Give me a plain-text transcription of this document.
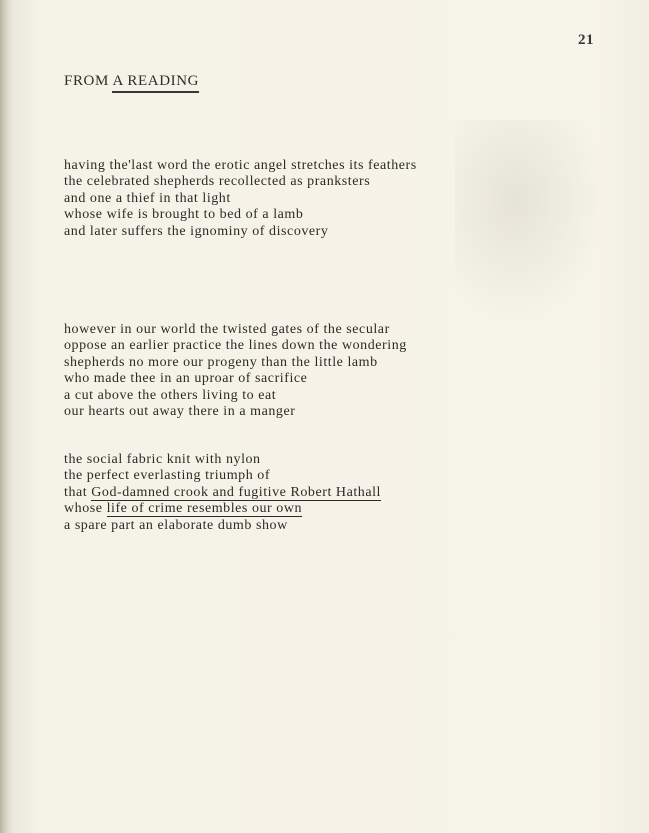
21
FROM A READING
having the'last word the erotic angel stretches its feathers
the celebrated shepherds recollected as pranksters
and one a thief in that light
whose wife is brought to bed of a lamb
and later suffers the ignominy of discovery
however in our world the twisted gates of the secular
oppose an earlier practice the lines down the wondering
shepherds no more our progeny than the little lamb
who made thee in an uproar of sacrifice
a cut above the others living to eat
our hearts out away there in a manger
the social fabric knit with nylon
the perfect everlasting triumph of
that God-damned crook and fugitive Robert Hathall
whose life of crime resembles our own
a spare part an elaborate dumb show
